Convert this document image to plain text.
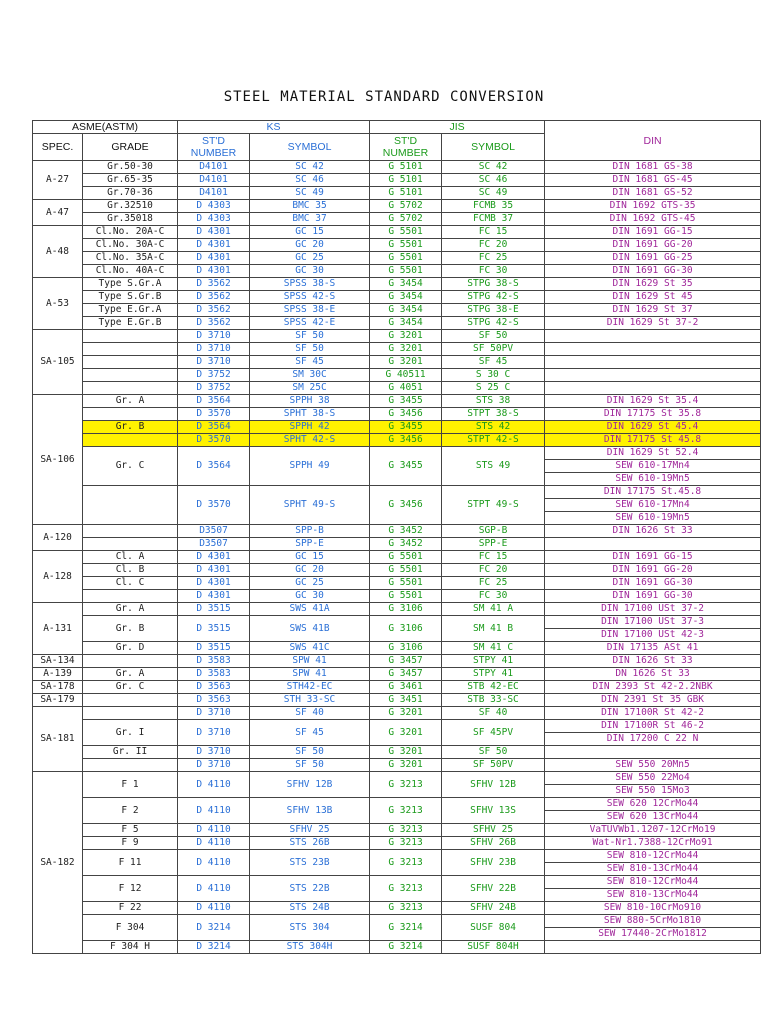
STEEL MATERIAL STANDARD CONVERSION
ASME(ASTM)		KS		JIS		DIN
SPEC.	GRADE	ST'D NUMBER	SYMBOL	ST'D NUMBER	SYMBOL	
A-27	Gr.50-30	D4101	SC 42	G 5101	SC 42	DIN 1681 GS-38
	Gr.65-35	D4101	SC 46	G 5101	SC 46	DIN 1681 GS-45
	Gr.70-36	D4101	SC 49	G 5101	SC 49	DIN 1681 GS-52
A-47	Gr.32510	D 4303	BMC 35	G 5702	FCMB 35	DIN 1692 GTS-35
	Gr.35018	D 4303	BMC 37	G 5702	FCMB 37	DIN 1692 GTS-45
A-48	Cl.No. 20A-C	D 4301	GC 15	G 5501	FC 15	DIN 1691 GG-15
	Cl.No. 30A-C	D 4301	GC 20	G 5501	FC 20	DIN 1691 GG-20
	Cl.No. 35A-C	D 4301	GC 25	G 5501	FC 25	DIN 1691 GG-25
	Cl.No. 40A-C	D 4301	GC 30	G 5501	FC 30	DIN 1691 GG-30
A-53	Type S.Gr.A	D 3562	SPSS 38-S	G 3454	STPG 38-S	DIN 1629 St 35
	Type S.Gr.B	D 3562	SPSS 42-S	G 3454	STPG 42-S	DIN 1629 St 45
	Type E.Gr.A	D 3562	SPSS 38-E	G 3454	STPG 38-E	DIN 1629 St 37
	Type E.Gr.B	D 3562	SPSS 42-E	G 3454	STPG 42-S	DIN 1629 St 37-2
SA-105		D 3710	SF 50	G 3201	SF 50	
		D 3710	SF 50	G 3201	SF 50PV	
		D 3710	SF 45	G 3201	SF 45	
		D 3752	SM 30C	G 40511	S 30 C	
		D 3752	SM 25C	G 4051	S 25 C	
SA-106	Gr. A	D 3564	SPPH 38	G 3455	STS 38	DIN 1629 St 35.4
		D 3570	SPHT 38-S	G 3456	STPT 38-S	DIN 17175 St 35.8
	Gr. B	D 3564	SPPH 42	G 3455	STS 42	DIN 1629 St 45.4
		D 3570	SPHT 42-S	G 3456	STPT 42-S	DIN 17175 St 45.8
	Gr. C	D 3564	SPPH 49	G 3455	STS 49	DIN 1629 St 52.4
						SEW 610-17Mn4
						SEW 610-19Mn5
		D 3570	SPHT 49-S	G 3456	STPT 49-S	DIN 17175 St.45.8
						SEW 610-17Mn4
						SEW 610-19Mn5
A-120		D3507	SPP-B	G 3452	SGP-B	DIN 1626 St 33
		D3507	SPP-E	G 3452	SPP-E	
A-128	Cl. A	D 4301	GC 15	G 5501	FC 15	DIN 1691 GG-15
	Cl. B	D 4301	GC 20	G 5501	FC 20	DIN 1691 GG-20
	Cl. C	D 4301	GC 25	G 5501	FC 25	DIN 1691 GG-30
		D 4301	GC 30	G 5501	FC 30	DIN 1691 GG-30
A-131	Gr. A	D 3515	SWS 41A	G 3106	SM 41 A	DIN 17100 USt 37-2
	Gr. B	D 3515	SWS 41B	G 3106	SM 41 B	DIN 17100 USt 37-3
						DIN 17100 USt 42-3
	Gr. D	D 3515	SWS 41C	G 3106	SM 41 C	DIN 17135 ASt 41
SA-134		D 3583	SPW 41	G 3457	STPY 41	DIN 1626 St 33
A-139	Gr. A	D 3583	SPW 41	G 3457	STPY 41	DN 1626 St 33
SA-178	Gr. C	D 3563	STH42-EC	G 3461	STB 42-EC	DIN 2393 St 42-2.2NBK
SA-179		D 3563	STH 33-SC	G 3451	STB 33-SC	DIN 2391 St 35 GBK
SA-181		D 3710	SF 40	G 3201	SF 40	DIN 17100R St 42-2
	Gr. I	D 3710	SF 45	G 3201	SF 45PV	DIN 17100R St 46-2
						DIN 17200 C 22 N
	Gr. II	D 3710	SF 50	G 3201	SF 50	
		D 3710	SF 50	G 3201	SF 50PV	SEW 550 20Mn5
SA-182	F 1	D 4110	SFHV 12B	G 3213	SFHV 12B	SEW 550 22Mo4
						SEW 550 15Mo3
	F 2	D 4110	SFHV 13B	G 3213	SFHV 13S	SEW 620 12CrMo44
						SEW 620 13CrMo44
	F 5	D 4110	SFHV 25	G 3213	SFHV 25	VaTÜVWb1.1207-12CrMo19
	F 9	D 4110	STS 26B	G 3213	SFHV 26B	Wat-Nr1.7388-12CrMo91
	F 11	D 4110	STS 23B	G 3213	SFHV 23B	SEW 810-12CrMo44
						SEW 810-13CrMo44
	F 12	D 4110	STS 22B	G 3213	SFHV 22B	SEW 810-12CrMo44
						SEW 810-13CrMo44
	F 22	D 4110	STS 24B	G 3213	SFHV 24B	SEW 810-10CrMo910
	F 304	D 3214	STS 304	G 3214	SUSF 804	SEW 880-5CrMo1810
						SEW 17440-2CrMo1812
	F 304 H	D 3214	STS 304H	G 3214	SUSF 804H	
